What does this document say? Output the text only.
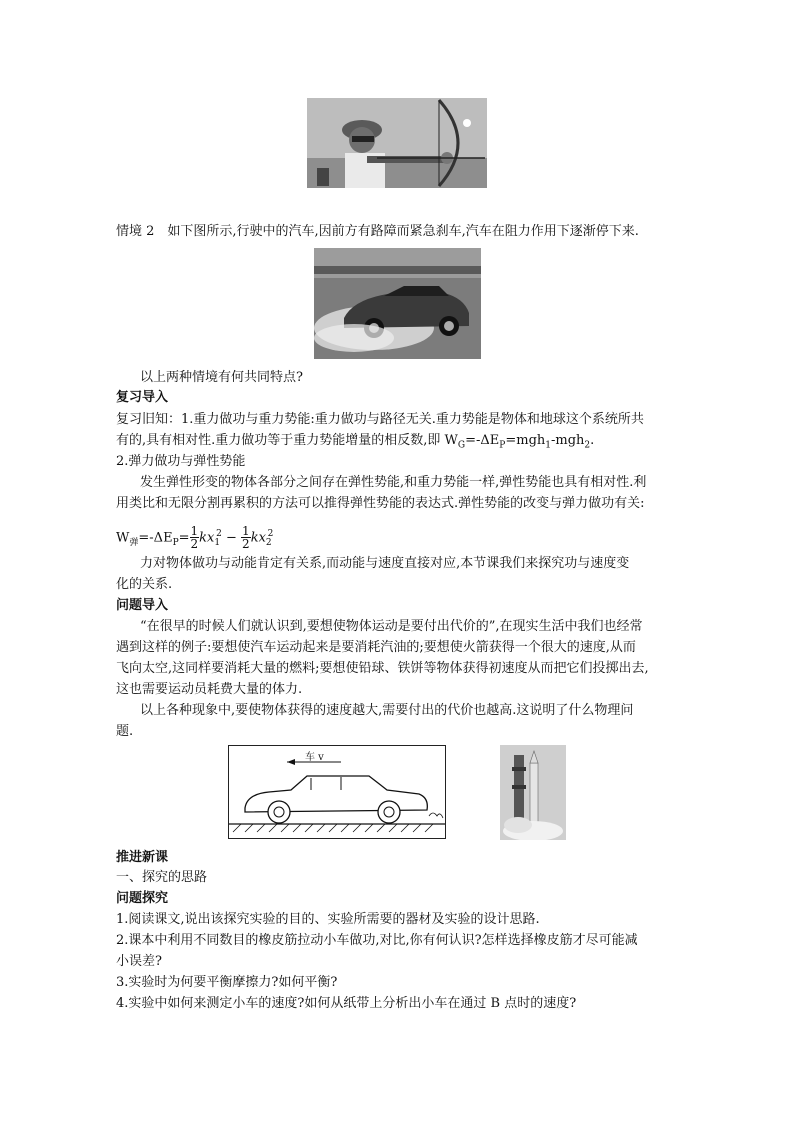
情境 2　如下图所示,行驶中的汽车,因前方有路障而紧急刹车,汽车在阻力作用下逐渐停下来.
以上两种情境有何共同特点?
复习导入
复习旧知：1.重力做功与重力势能:重力做功与路径无关.重力势能是物体和地球这个系统所共
有的,具有相对性.重力做功等于重力势能增量的相反数,即 $W_G=-\Delta E_P=mgh_1-mgh_2$.
2.弹力做功与弹性势能
发生弹性形变的物体各部分之间存在弹性势能,和重力势能一样,弹性势能也具有相对性.利
用类比和无限分割再累积的方法可以推得弹性势能的表达式.弹性势能的改变与弹力做功有关:
$W_弹=-\Delta E_P= \frac{1}{2} kx_1^2 - \frac{1}{2} kx_2^2$
力对物体做功与动能肯定有关系,而动能与速度直接对应,本节课我们来探究功与速度变
化的关系.
问题导入
“在很早的时候人们就认识到,要想使物体运动是要付出代价的”,在现实生活中我们也经常
遇到这样的例子:要想使汽车运动起来是要消耗汽油的;要想使火箭获得一个很大的速度,从而
飞向太空,这同样要消耗大量的燃料;要想使铅球、铁饼等物体获得初速度从而把它们投掷出去,
这也需要运动员耗费大量的体力.
以上各种现象中,要使物体获得的速度越大,需要付出的代价也越高.这说明了什么物理问
题.
车 v
推进新课
一、探究的思路
问题探究
1.阅读课文,说出该探究实验的目的、实验所需要的器材及实验的设计思路.
2.课本中利用不同数目的橡皮筋拉动小车做功,对比,你有何认识?怎样选择橡皮筋才尽可能减
小误差?
3.实验时为何要平衡摩擦力?如何平衡?
4.实验中如何来测定小车的速度?如何从纸带上分析出小车在通过 B 点时的速度?
